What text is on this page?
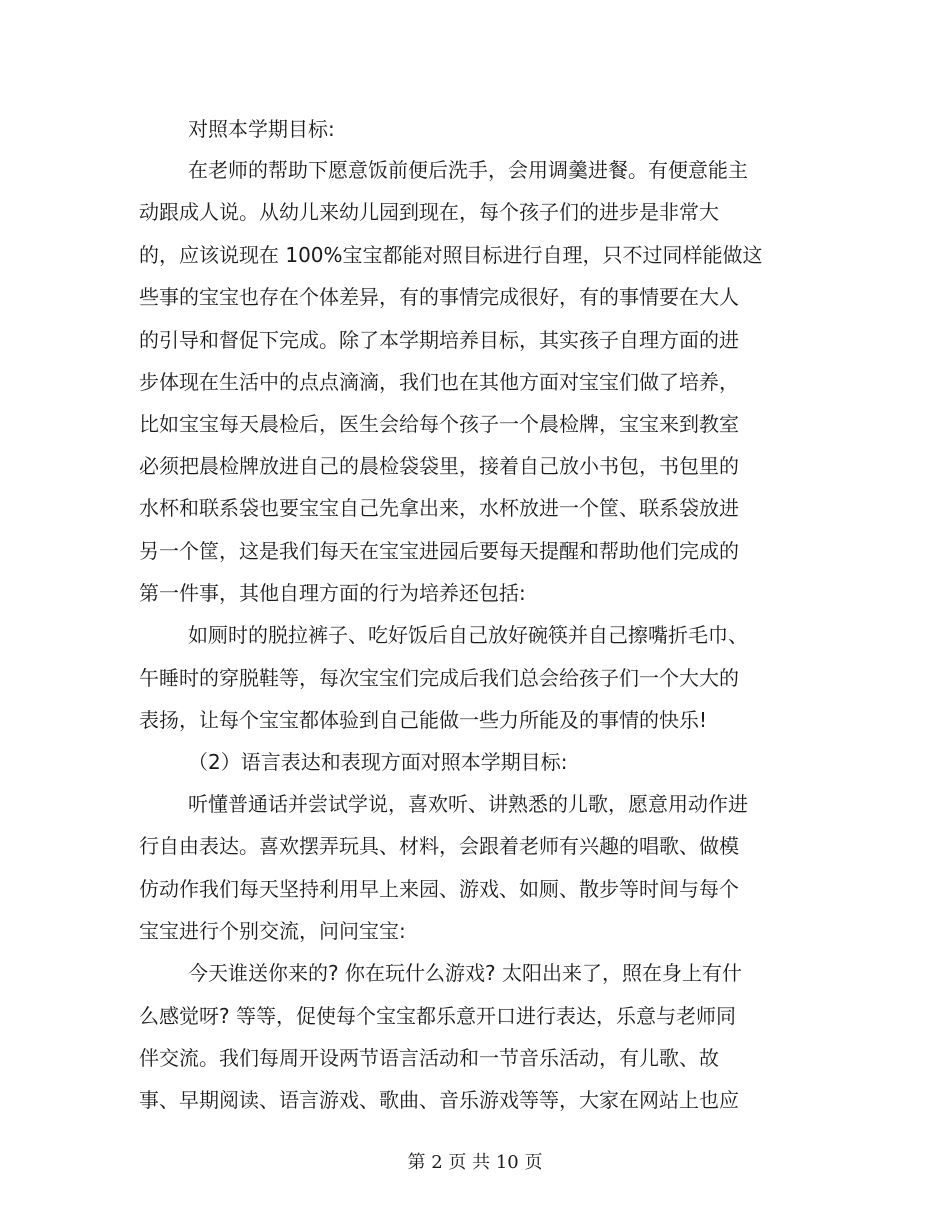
对照本学期目标:
在老师的帮助下愿意饭前便后洗手，会用调羹进餐。有便意能主
动跟成人说。从幼儿来幼儿园到现在，每个孩子们的进步是非常大
的，应该说现在 100%宝宝都能对照目标进行自理，只不过同样能做这
些事的宝宝也存在个体差异，有的事情完成很好，有的事情要在大人
的引导和督促下完成。除了本学期培养目标，其实孩子自理方面的进
步体现在生活中的点点滴滴，我们也在其他方面对宝宝们做了培养，
比如宝宝每天晨检后，医生会给每个孩子一个晨检牌，宝宝来到教室
必须把晨检牌放进自己的晨检袋袋里，接着自己放小书包，书包里的
水杯和联系袋也要宝宝自己先拿出来，水杯放进一个筐、联系袋放进
另一个筐，这是我们每天在宝宝进园后要每天提醒和帮助他们完成的
第一件事，其他自理方面的行为培养还包括:
如厕时的脱拉裤子、吃好饭后自己放好碗筷并自己擦嘴折毛巾、
午睡时的穿脱鞋等，每次宝宝们完成后我们总会给孩子们一个大大的
表扬，让每个宝宝都体验到自己能做一些力所能及的事情的快乐!
（2）语言表达和表现方面对照本学期目标:
听懂普通话并尝试学说，喜欢听、讲熟悉的儿歌，愿意用动作进
行自由表达。喜欢摆弄玩具、材料，会跟着老师有兴趣的唱歌、做模
仿动作我们每天坚持利用早上来园、游戏、如厕、散步等时间与每个
宝宝进行个别交流，问问宝宝:
今天谁送你来的? 你在玩什么游戏? 太阳出来了，照在身上有什
么感觉呀? 等等，促使每个宝宝都乐意开口进行表达，乐意与老师同
伴交流。我们每周开设两节语言活动和一节音乐活动，有儿歌、故
事、早期阅读、语言游戏、歌曲、音乐游戏等等，大家在网站上也应
第 2 页 共 10 页
